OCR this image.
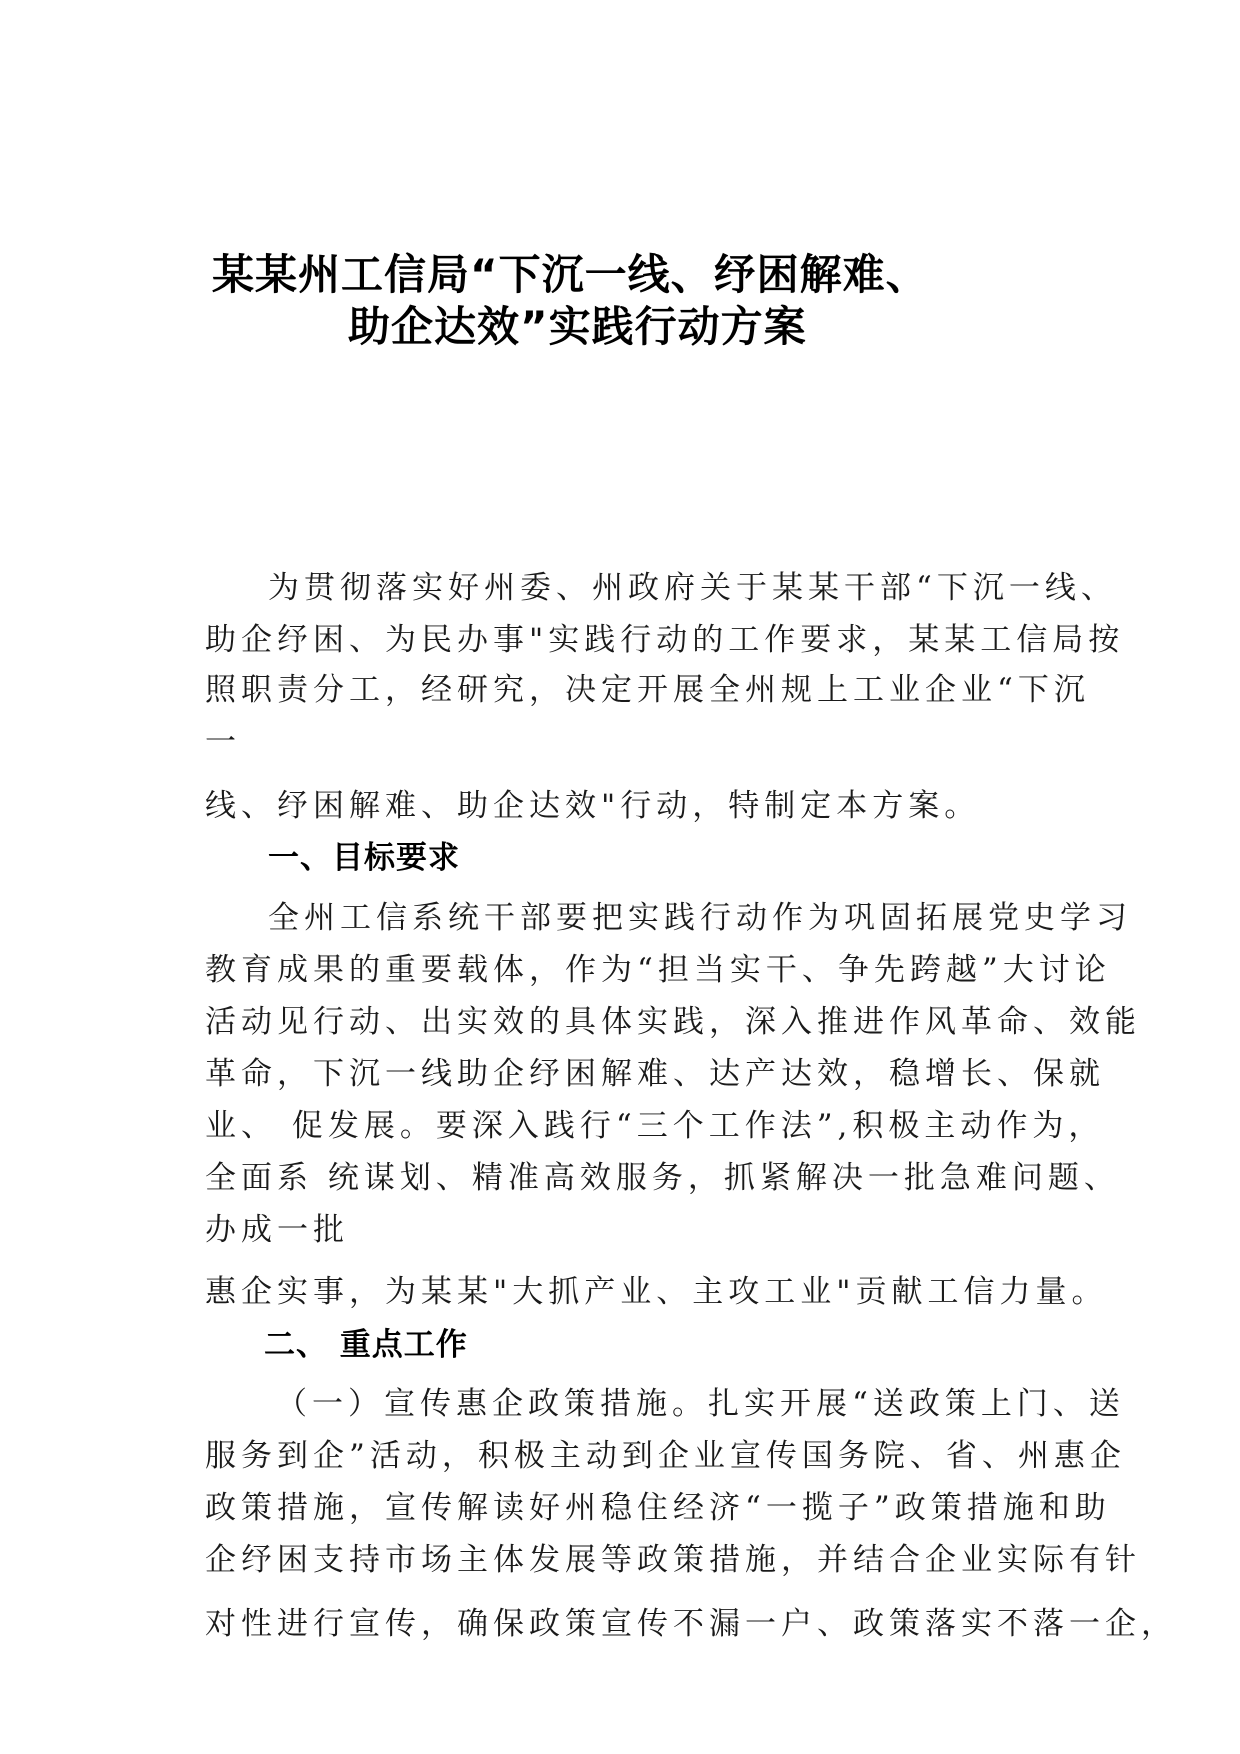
某某州工信局“下沉一线、纾困解难、
助企达效”实践行动方案
为贯彻落实好州委、州政府关于某某干部“下沉一线、
助企纾困、为民办事"实践行动的工作要求，某某工信局按
照职责分工，经研究，决定开展全州规上工业企业“下沉
一
线、纾困解难、助企达效"行动，特制定本方案。
一、目标要求
全州工信系统干部要把实践行动作为巩固拓展党史学习
教育成果的重要载体，作为“担当实干、争先跨越”大讨论
活动见行动、出实效的具体实践，深入推进作风革命、效能
革命，下沉一线助企纾困解难、达产达效，稳增长、保就
业、 促发展。要深入践行“三个工作法”,积极主动作为，
全面系 统谋划、精准高效服务，抓紧解决一批急难问题、
办成一批
惠企实事，为某某"大抓产业、主攻工业"贡献工信力量。
二、 重点工作
（一）宣传惠企政策措施。扎实开展“送政策上门、送
服务到企”活动，积极主动到企业宣传国务院、省、州惠企
政策措施，宣传解读好州稳住经济“一揽子”政策措施和助
企纾困支持市场主体发展等政策措施，并结合企业实际有针
对性进行宣传，确保政策宣传不漏一户、政策落实不落一企，
